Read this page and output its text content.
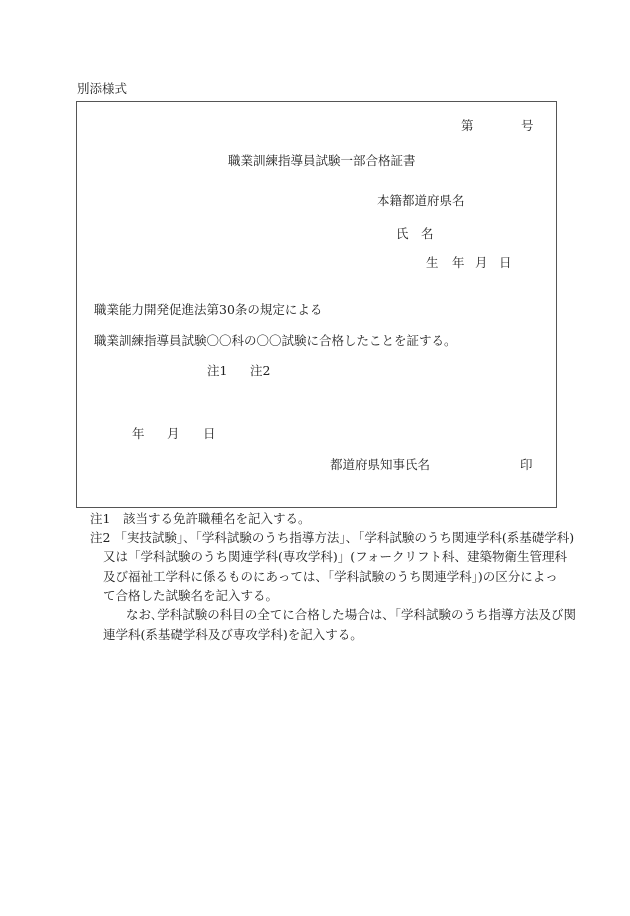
別添様式
第	号
職業訓練指導員試験一部合格証書
本籍都道府県名
氏　名
生 年 月 日
職業能力開発促進法第30条の規定による
職業訓練指導員試験〇〇科の〇〇試験に合格したことを証する。
注1 注2
年 月 日
都道府県知事氏名	印
注1　該当する免許職種名を記入する。
注2 「実技試験」、「学科試験のうち指導方法」、「学科試験のうち関連学科(系基礎学科)
又は「学科試験のうち関連学科(専攻学科)」(フォークリフト科、建築物衛生管理科
及び福祉工学科に係るものにあっては、「学科試験のうち関連学科」)の区分によっ
て合格した試験名を記入する。
なお､学科試験の科目の全てに合格した場合は、「学科試験のうち指導方法及び関
連学科(系基礎学科及び専攻学科)を記入する。
